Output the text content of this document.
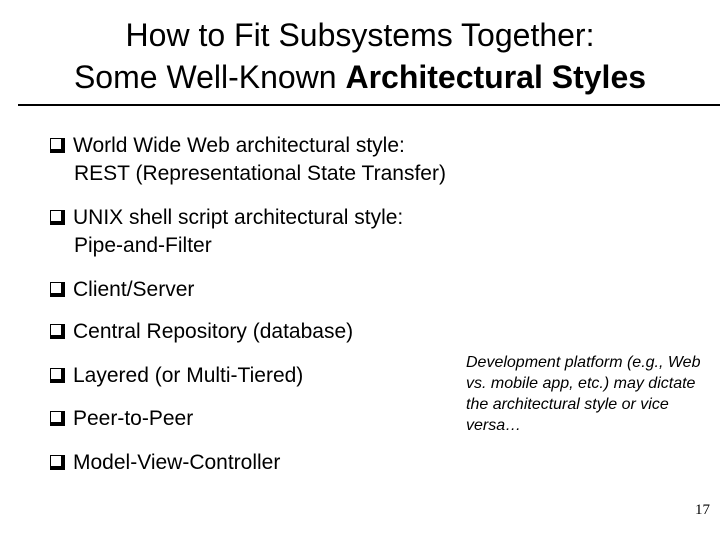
How to Fit Subsystems Together:
Some Well-Known Architectural Styles
World Wide Web architectural style:
REST (Representational State Transfer)
UNIX shell script architectural style:
Pipe-and-Filter
Client/Server
Central Repository (database)
Layered (or Multi-Tiered)
Peer-to-Peer
Model-View-Controller
Development platform (e.g., Web vs. mobile app, etc.) may dictate the architectural style or vice versa…
17
